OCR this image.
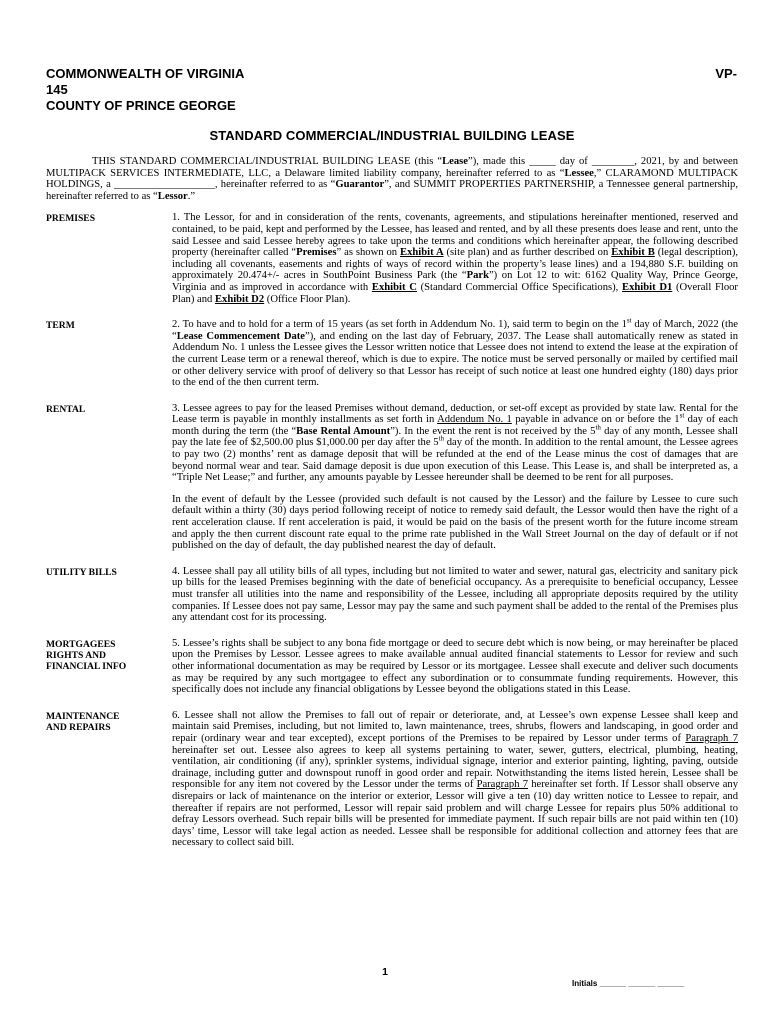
COMMONWEALTH OF VIRGINIA	VP-
145
COUNTY OF PRINCE GEORGE
STANDARD COMMERCIAL/INDUSTRIAL BUILDING LEASE

THIS STANDARD COMMERCIAL/INDUSTRIAL BUILDING LEASE (this “Lease”), made this _____ day of ________, 2021, by and between MULTIPACK SERVICES INTERMEDIATE, LLC, a Delaware limited liability company, hereinafter referred to as “Lessee,” CLARAMOND MULTIPACK HOLDINGS, a ___________________, hereinafter referred to as “Guarantor”, and SUMMIT PROPERTIES PARTNERSHIP, a Tennessee general partnership, hereinafter referred to as “Lessor.”

PREMISES	1. The Lessor, for and in consideration of the rents, covenants, agreements, and stipulations hereinafter mentioned, reserved and contained, to be paid, kept and performed by the Lessee, has leased and rented, and by all these presents does lease and rent, unto the said Lessee and said Lessee hereby agrees to take upon the terms and conditions which hereinafter appear, the following described property (hereinafter called “Premises” as shown on Exhibit A (site plan) and as further described on Exhibit B (legal description), including all covenants, easements and rights of ways of record within the property’s lease lines) and a 194,880 S.F. building on approximately 20.474+/- acres in SouthPoint Business Park (the “Park”) on Lot 12 to wit: 6162 Quality Way, Prince George, Virginia and as improved in accordance with Exhibit C (Standard Commercial Office Specifications), Exhibit D1 (Overall Floor Plan) and Exhibit D2 (Office Floor Plan).

TERM	2. To have and to hold for a term of 15 years (as set forth in Addendum No. 1), said term to begin on the 1st day of March, 2022 (the “Lease Commencement Date”), and ending on the last day of February, 2037. The Lease shall automatically renew as stated in Addendum No. 1 unless the Lessee gives the Lessor written notice that Lessee does not intend to extend the lease at the expiration of the current Lease term or a renewal thereof, which is due to expire. The notice must be served personally or mailed by certified mail or other delivery service with proof of delivery so that Lessor has receipt of such notice at least one hundred eighty (180) days prior to the end of the then current term.

RENTAL	3. Lessee agrees to pay for the leased Premises without demand, deduction, or set-off except as provided by state law. Rental for the Lease term is payable in monthly installments as set forth in Addendum No. 1 payable in advance on or before the 1st day of each month during the term (the “Base Rental Amount”). In the event the rent is not received by the 5th day of any month, Lessee shall pay the late fee of $2,500.00 plus $1,000.00 per day after the 5th day of the month. In addition to the rental amount, the Lessee agrees to pay two (2) months’ rent as damage deposit that will be refunded at the end of the Lease minus the cost of damages that are beyond normal wear and tear. Said damage deposit is due upon execution of this Lease. This Lease is, and shall be interpreted as, a “Triple Net Lease;” and further, any amounts payable by Lessee hereunder shall be deemed to be rent for all purposes.

In the event of default by the Lessee (provided such default is not caused by the Lessor) and the failure by Lessee to cure such default within a thirty (30) days period following receipt of notice to remedy said default, the Lessor would then have the right of a rent acceleration clause. If rent acceleration is paid, it would be paid on the basis of the present worth for the future income stream and apply the then current discount rate equal to the prime rate published in the Wall Street Journal on the day of default or if not published on the day of default, the day published nearest the day of default.

UTILITY BILLS	4. Lessee shall pay all utility bills of all types, including but not limited to water and sewer, natural gas, electricity and sanitary pick up bills for the leased Premises beginning with the date of beneficial occupancy. As a prerequisite to beneficial occupancy, Lessee must transfer all utilities into the name and responsibility of the Lessee, including all appropriate deposits required by the utility companies. If Lessee does not pay same, Lessor may pay the same and such payment shall be added to the rental of the Premises plus any attendant cost for its processing.

MORTGAGEES
RIGHTS AND
FINANCIAL INFO

5. Lessee’s rights shall be subject to any bona fide mortgage or deed to secure debt which is now being, or may hereinafter be placed upon the Premises by Lessor. Lessee agrees to make available annual audited financial statements to Lessor for review and such other informational documentation as may be required by Lessor or its mortgagee. Lessee shall execute and deliver such documents as may be required by any such mortgagee to effect any subordination or to consummate funding requirements. However, this specifically does not include any financial obligations by Lessee beyond the obligations stated in this Lease.

MAINTENANCE
AND REPAIRS

6. Lessee shall not allow the Premises to fall out of repair or deteriorate, and, at Lessee’s own expense Lessee shall keep and maintain said Premises, including, but not limited to, lawn maintenance, trees, shrubs, flowers and landscaping, in good order and repair (ordinary wear and tear excepted), except portions of the Premises to be repaired by Lessor under terms of Paragraph 7 hereinafter set out. Lessee also agrees to keep all systems pertaining to water, sewer, gutters, electrical, plumbing, heating, ventilation, air conditioning (if any), sprinkler systems, individual signage, interior and exterior painting, lighting, paving, outside drainage, including gutter and downspout runoff in good order and repair. Notwithstanding the items listed herein, Lessee shall be responsible for any item not covered by the Lessor under the terms of Paragraph 7 hereinafter set forth. If Lessor shall observe any disrepairs or lack of maintenance on the interior or exterior, Lessor will give a ten (10) day written notice to Lessee to repair, and thereafter if repairs are not performed, Lessor will repair said problem and will charge Lessee for repairs plus 50% additional to defray Lessors overhead. Such repair bills will be presented for immediate payment. If such repair bills are not paid within ten (10) days’ time, Lessor will take legal action as needed. Lessee shall be responsible for additional collection and attorney fees that are necessary to collect said bill.

1
Initials ______ ______ ______
